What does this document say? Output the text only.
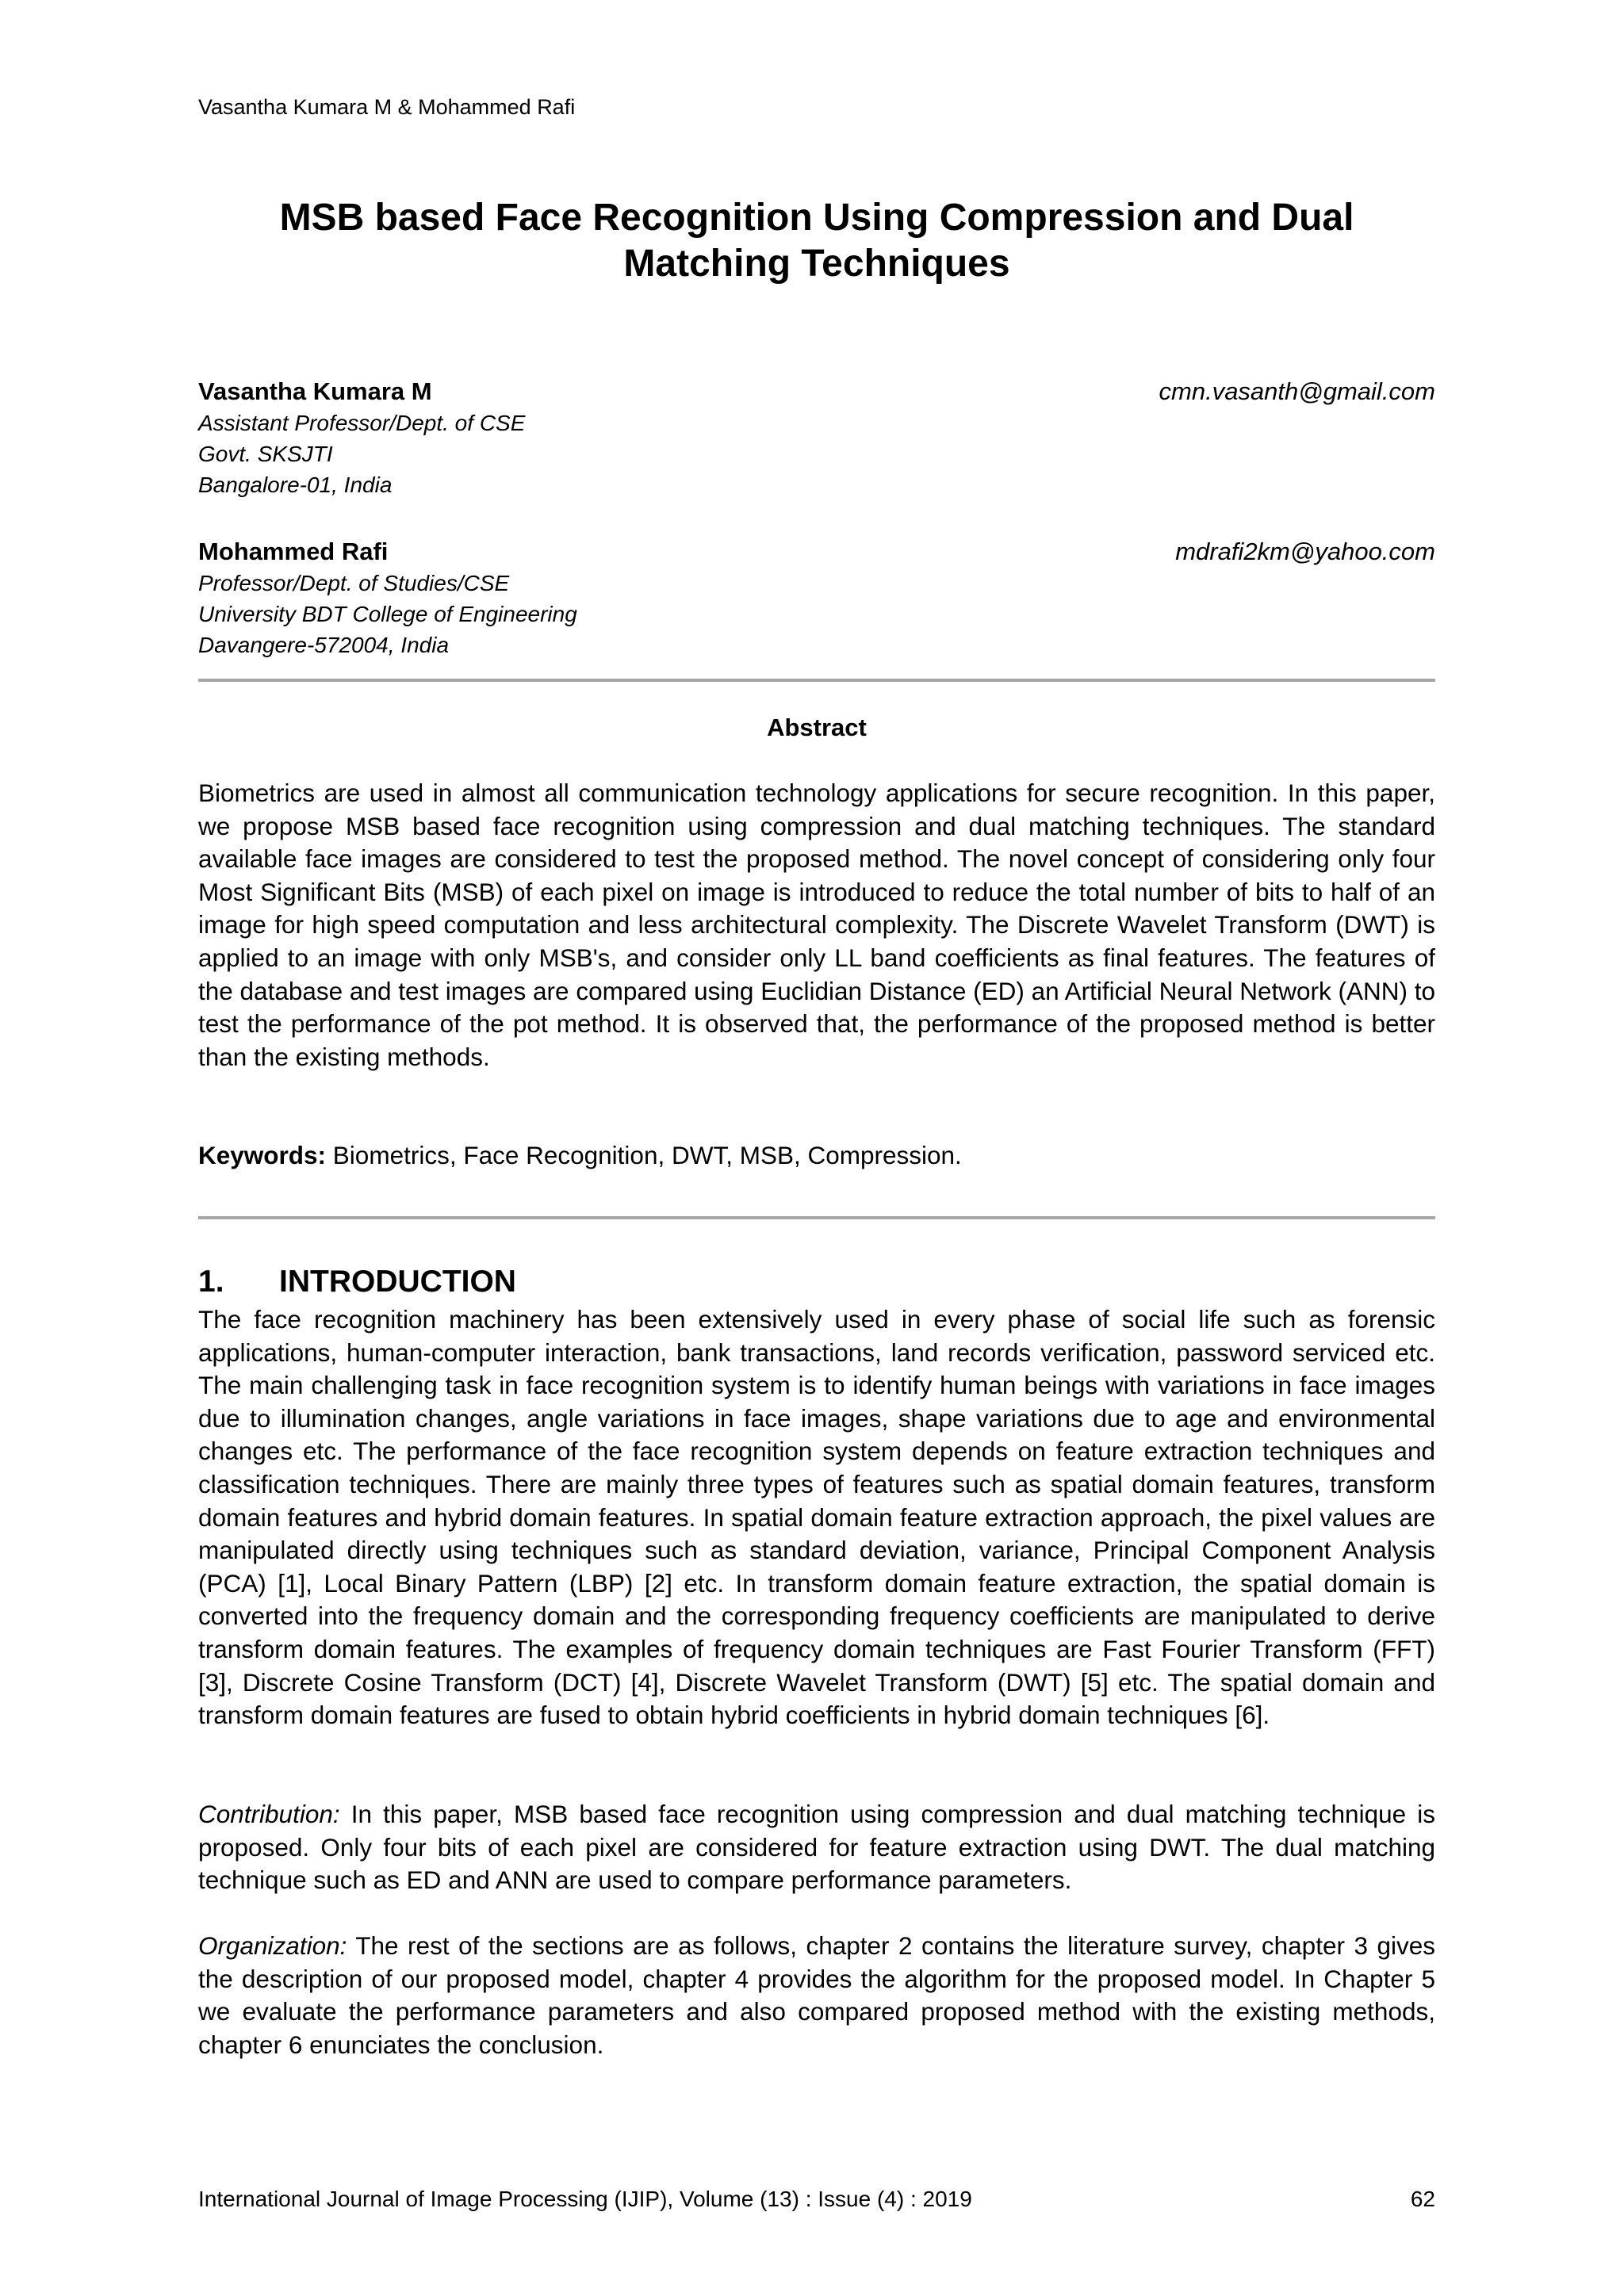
Vasantha Kumara M & Mohammed Rafi
MSB based Face Recognition Using Compression and Dual
Matching Techniques
Vasantha Kumara M	cmn.vasanth@gmail.com
Assistant Professor/Dept. of CSE
Govt. SKSJTI
Bangalore-01, India
Mohammed Rafi	mdrafi2km@yahoo.com
Professor/Dept. of Studies/CSE
University BDT College of Engineering
Davangere-572004, India
Abstract

Biometrics are used in almost all communication technology applications for secure recognition. In this paper, we propose MSB based face recognition using compression and dual matching techniques. The standard available face images are considered to test the proposed method. The novel concept of considering only four Most Significant Bits (MSB) of each pixel on image is introduced to reduce the total number of bits to half of an image for high speed computation and less architectural complexity. The Discrete Wavelet Transform (DWT) is applied to an image with only MSB's, and consider only LL band coefficients as final features. The features of the database and test images are compared using Euclidian Distance (ED) an Artificial Neural Network (ANN) to test the performance of the pot method. It is observed that, the performance of the proposed method is better than the existing methods.

Keywords: Biometrics, Face Recognition, DWT, MSB, Compression.
1. INTRODUCTION

The face recognition machinery has been extensively used in every phase of social life such as forensic applications, human-computer interaction, bank transactions, land records verification, password serviced etc. The main challenging task in face recognition system is to identify human beings with variations in face images due to illumination changes, angle variations in face images, shape variations due to age and environmental changes etc. The performance of the face recognition system depends on feature extraction techniques and classification techniques. There are mainly three types of features such as spatial domain features, transform domain features and hybrid domain features. In spatial domain feature extraction approach, the pixel values are manipulated directly using techniques such as standard deviation, variance, Principal Component Analysis (PCA) [1], Local Binary Pattern (LBP) [2] etc. In transform domain feature extraction, the spatial domain is converted into the frequency domain and the corresponding frequency coefficients are manipulated to derive transform domain features. The examples of frequency domain techniques are Fast Fourier Transform (FFT) [3], Discrete Cosine Transform (DCT) [4], Discrete Wavelet Transform (DWT) [5] etc. The spatial domain and transform domain features are fused to obtain hybrid coefficients in hybrid domain techniques [6].

Contribution: In this paper, MSB based face recognition using compression and dual matching technique is proposed. Only four bits of each pixel are considered for feature extraction using DWT. The dual matching technique such as ED and ANN are used to compare performance parameters.

Organization: The rest of the sections are as follows, chapter 2 contains the literature survey, chapter 3 gives the description of our proposed model, chapter 4 provides the algorithm for the proposed model. In Chapter 5 we evaluate the performance parameters and also compared proposed method with the existing methods, chapter 6 enunciates the conclusion.

International Journal of Image Processing (IJIP), Volume (13) : Issue (4) : 2019	62
